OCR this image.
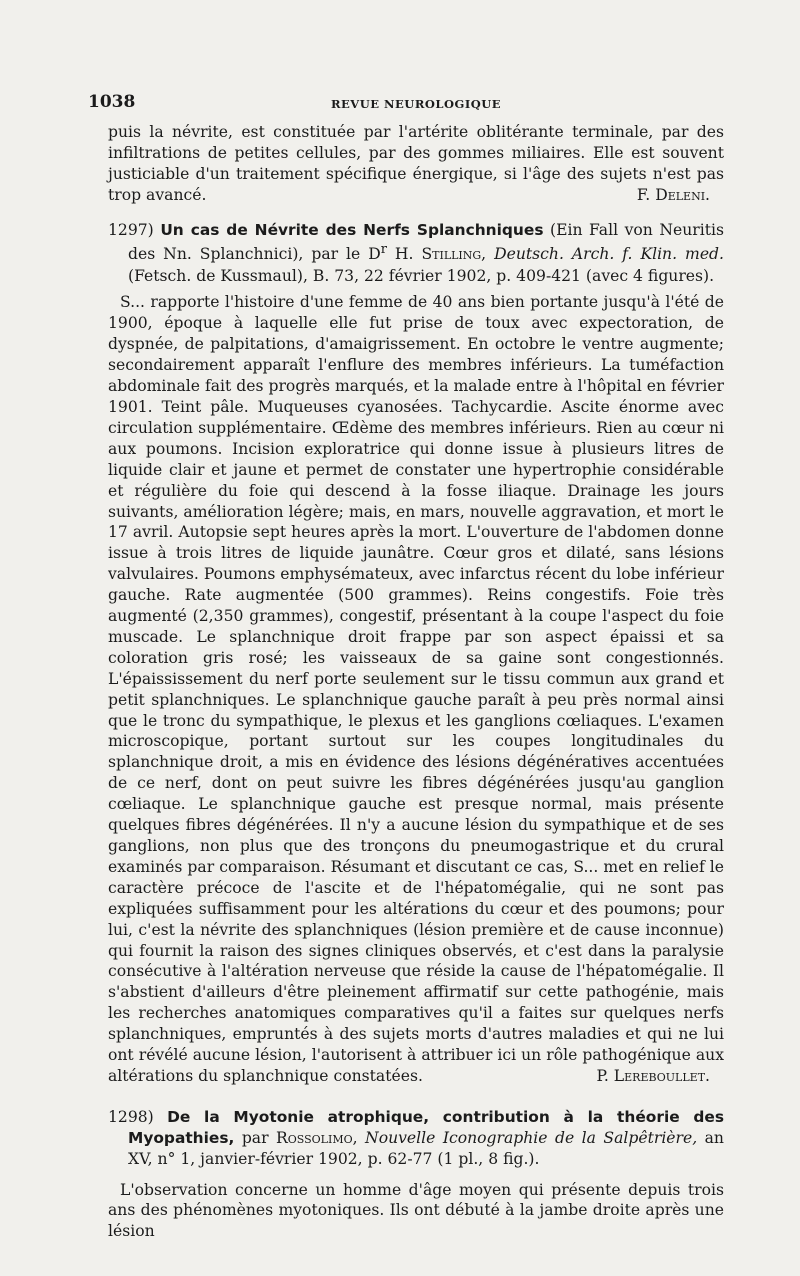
1038	REVUE NEUROLOGIQUE

puis la névrite, est constituée par l'artérite oblitérante terminale, par des infiltrations de petites cellules, par des gommes miliaires. Elle est souvent justiciable d'un traitement spécifique énergique, si l'âge des sujets n'est pas trop avancé.	F. Deleni.

1297) Un cas de Névrite des Nerfs Splanchniques (Ein Fall von Neuritis des Nn. Splanchnici), par le $D^r$ H. Stilling, Deutsch. Arch. f. Klin. med. (Fetsch. de Kussmaul), B. 73, 22 février 1902, p. 409-421 (avec 4 figures).

S... rapporte l'histoire d'une femme de 40 ans bien portante jusqu'à l'été de 1900, époque à laquelle elle fut prise de toux avec expectoration, de dyspnée, de palpitations, d'amaigrissement. En octobre le ventre augmente; secondairement apparaît l'enflure des membres inférieurs. La tuméfaction abdominale fait des progrès marqués, et la malade entre à l'hôpital en février 1901. Teint pâle. Muqueuses cyanosées. Tachycardie. Ascite énorme avec circulation supplémentaire. Œdème des membres inférieurs. Rien au cœur ni aux poumons. Incision exploratrice qui donne issue à plusieurs litres de liquide clair et jaune et permet de constater une hypertrophie considérable et régulière du foie qui descend à la fosse iliaque. Drainage les jours suivants, amélioration légère; mais, en mars, nouvelle aggravation, et mort le 17 avril. Autopsie sept heures après la mort. L'ouverture de l'abdomen donne issue à trois litres de liquide jaunâtre. Cœur gros et dilaté, sans lésions valvulaires. Poumons emphysémateux, avec infarctus récent du lobe inférieur gauche. Rate augmentée (500 grammes). Reins congestifs. Foie très augmenté (2,350 grammes), congestif, présentant à la coupe l'aspect du foie muscade. Le splanchnique droit frappe par son aspect épaissi et sa coloration gris rosé; les vaisseaux de sa gaine sont congestionnés. L'épaississement du nerf porte seulement sur le tissu commun aux grand et petit splanchniques. Le splanchnique gauche paraît à peu près normal ainsi que le tronc du sympathique, le plexus et les ganglions cœliaques. L'examen microscopique, portant surtout sur les coupes longitudinales du splanchnique droit, a mis en évidence des lésions dégénératives accentuées de ce nerf, dont on peut suivre les fibres dégénérées jusqu'au ganglion cœliaque. Le splanchnique gauche est presque normal, mais présente quelques fibres dégénérées. Il n'y a aucune lésion du sympathique et de ses ganglions, non plus que des tronçons du pneumogastrique et du crural examinés par comparaison. Résumant et discutant ce cas, S... met en relief le caractère précoce de l'ascite et de l'hépatomégalie, qui ne sont pas expliquées suffisamment pour les altérations du cœur et des poumons; pour lui, c'est la névrite des splanchniques (lésion première et de cause inconnue) qui fournit la raison des signes cliniques observés, et c'est dans la paralysie consécutive à l'altération nerveuse que réside la cause de l'hépatomégalie. Il s'abstient d'ailleurs d'être pleinement affirmatif sur cette pathogénie, mais les recherches anatomiques comparatives qu'il a faites sur quelques nerfs splanchniques, empruntés à des sujets morts d'autres maladies et qui ne lui ont révélé aucune lésion, l'autorisent à attribuer ici un rôle pathogénique aux altérations du splanchnique constatées.	P. Lereboullet.

1298) De la Myotonie atrophique, contribution à la théorie des Myopathies, par Rossolimo, Nouvelle Iconographie de la Salpêtrière, an XV, n° 1, janvier-février 1902, p. 62-77 (1 pl., 8 fig.).

L'observation concerne un homme d'âge moyen qui présente depuis trois ans des phénomènes myotoniques. Ils ont débuté à la jambe droite après une lésion
